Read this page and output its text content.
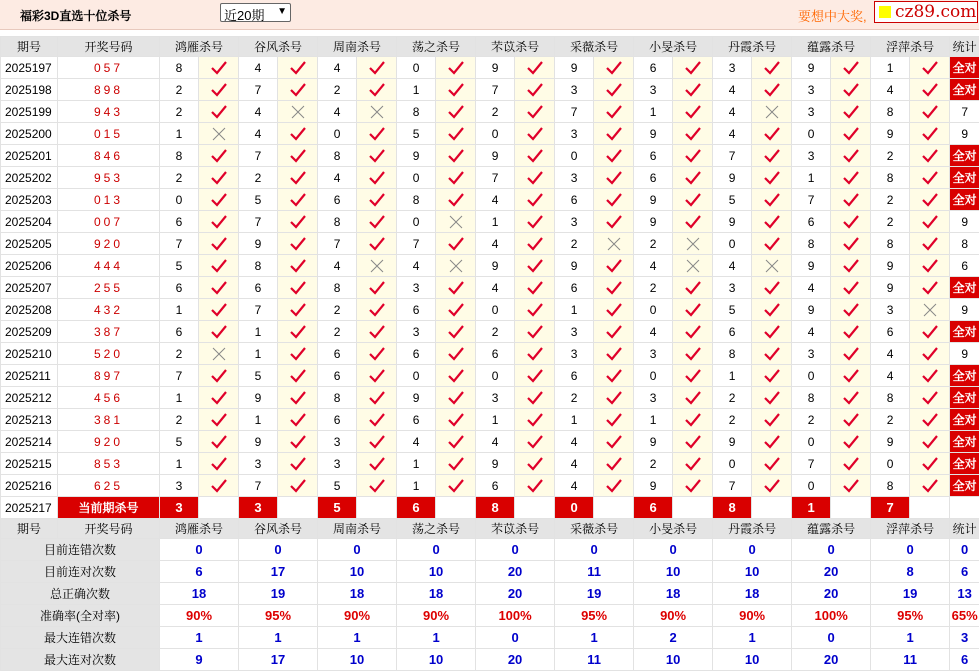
福彩3D直选十位杀号	近20期 ▼	要想中大奖, cz89.com
期号	开奖号码	鸿雁杀号		谷风杀号		周南杀号		荡之杀号		芣苡杀号		采薇杀号		小旻杀号		丹霞杀号		蕴露杀号		浮萍杀号		统计
2025197	057	8		4		4		0		9		9		6		3		9		1		全对
2025198	898	2		7		2		1		7		3		3		4		3		4		全对
2025199	943	2		4		4		8		2		7		1		4		3		8		7
2025200	015	1		4		0		5		0		3		9		4		0		9		9
2025201	846	8		7		8		9		9		0		6		7		3		2		全对
2025202	953	2		2		4		0		7		3		6		9		1		8		全对
2025203	013	0		5		6		8		4		6		9		5		7		2		全对
2025204	007	6		7		8		0		1		3		9		9		6		2		9
2025205	920	7		9		7		7		4		2		2		0		8		8		8
2025206	444	5		8		4		4		9		9		4		4		9		9		6
2025207	255	6		6		8		3		4		6		2		3		4		9		全对
2025208	432	1		7		2		6		0		1		0		5		9		3		9
2025209	387	6		1		2		3		2		3		4		6		4		6		全对
2025210	520	2		1		6		6		6		3		3		8		3		4		9
2025211	897	7		5		6		0		0		6		0		1		0		4		全对
2025212	456	1		9		8		9		3		2		3		2		8		8		全对
2025213	381	2		1		6		6		1		1		1		2		2		2		全对
2025214	920	5		9		3		4		4		4		9		9		0		9		全对
2025215	853	1		3		3		1		9		4		2		0		7		0		全对
2025216	625	3		7		5		1		6		4		9		7		0		8		全对
2025217	当前期杀号	3		3		5		6		8		0		6		8		1		7		
期号	开奖号码	鸿雁杀号		谷风杀号		周南杀号		荡之杀号		芣苡杀号		采薇杀号		小旻杀号		丹霞杀号		蕴露杀号		浮萍杀号		统计
目前连错次数		0		0		0		0		0		0		0		0		0		0		0
目前连对次数		6		17		10		10		20		11		10		10		20		8		6
总正确次数		18		19		18		18		20		19		18		18		20		19		13
准确率(全对率)		90%		95%		90%		90%		100%		95%		90%		90%		100%		95%		65%
最大连错次数		1		1		1		1		0		1		2		1		0		1		3
最大连对次数		9		17		10		10		20		11		10		10		20		11		6
